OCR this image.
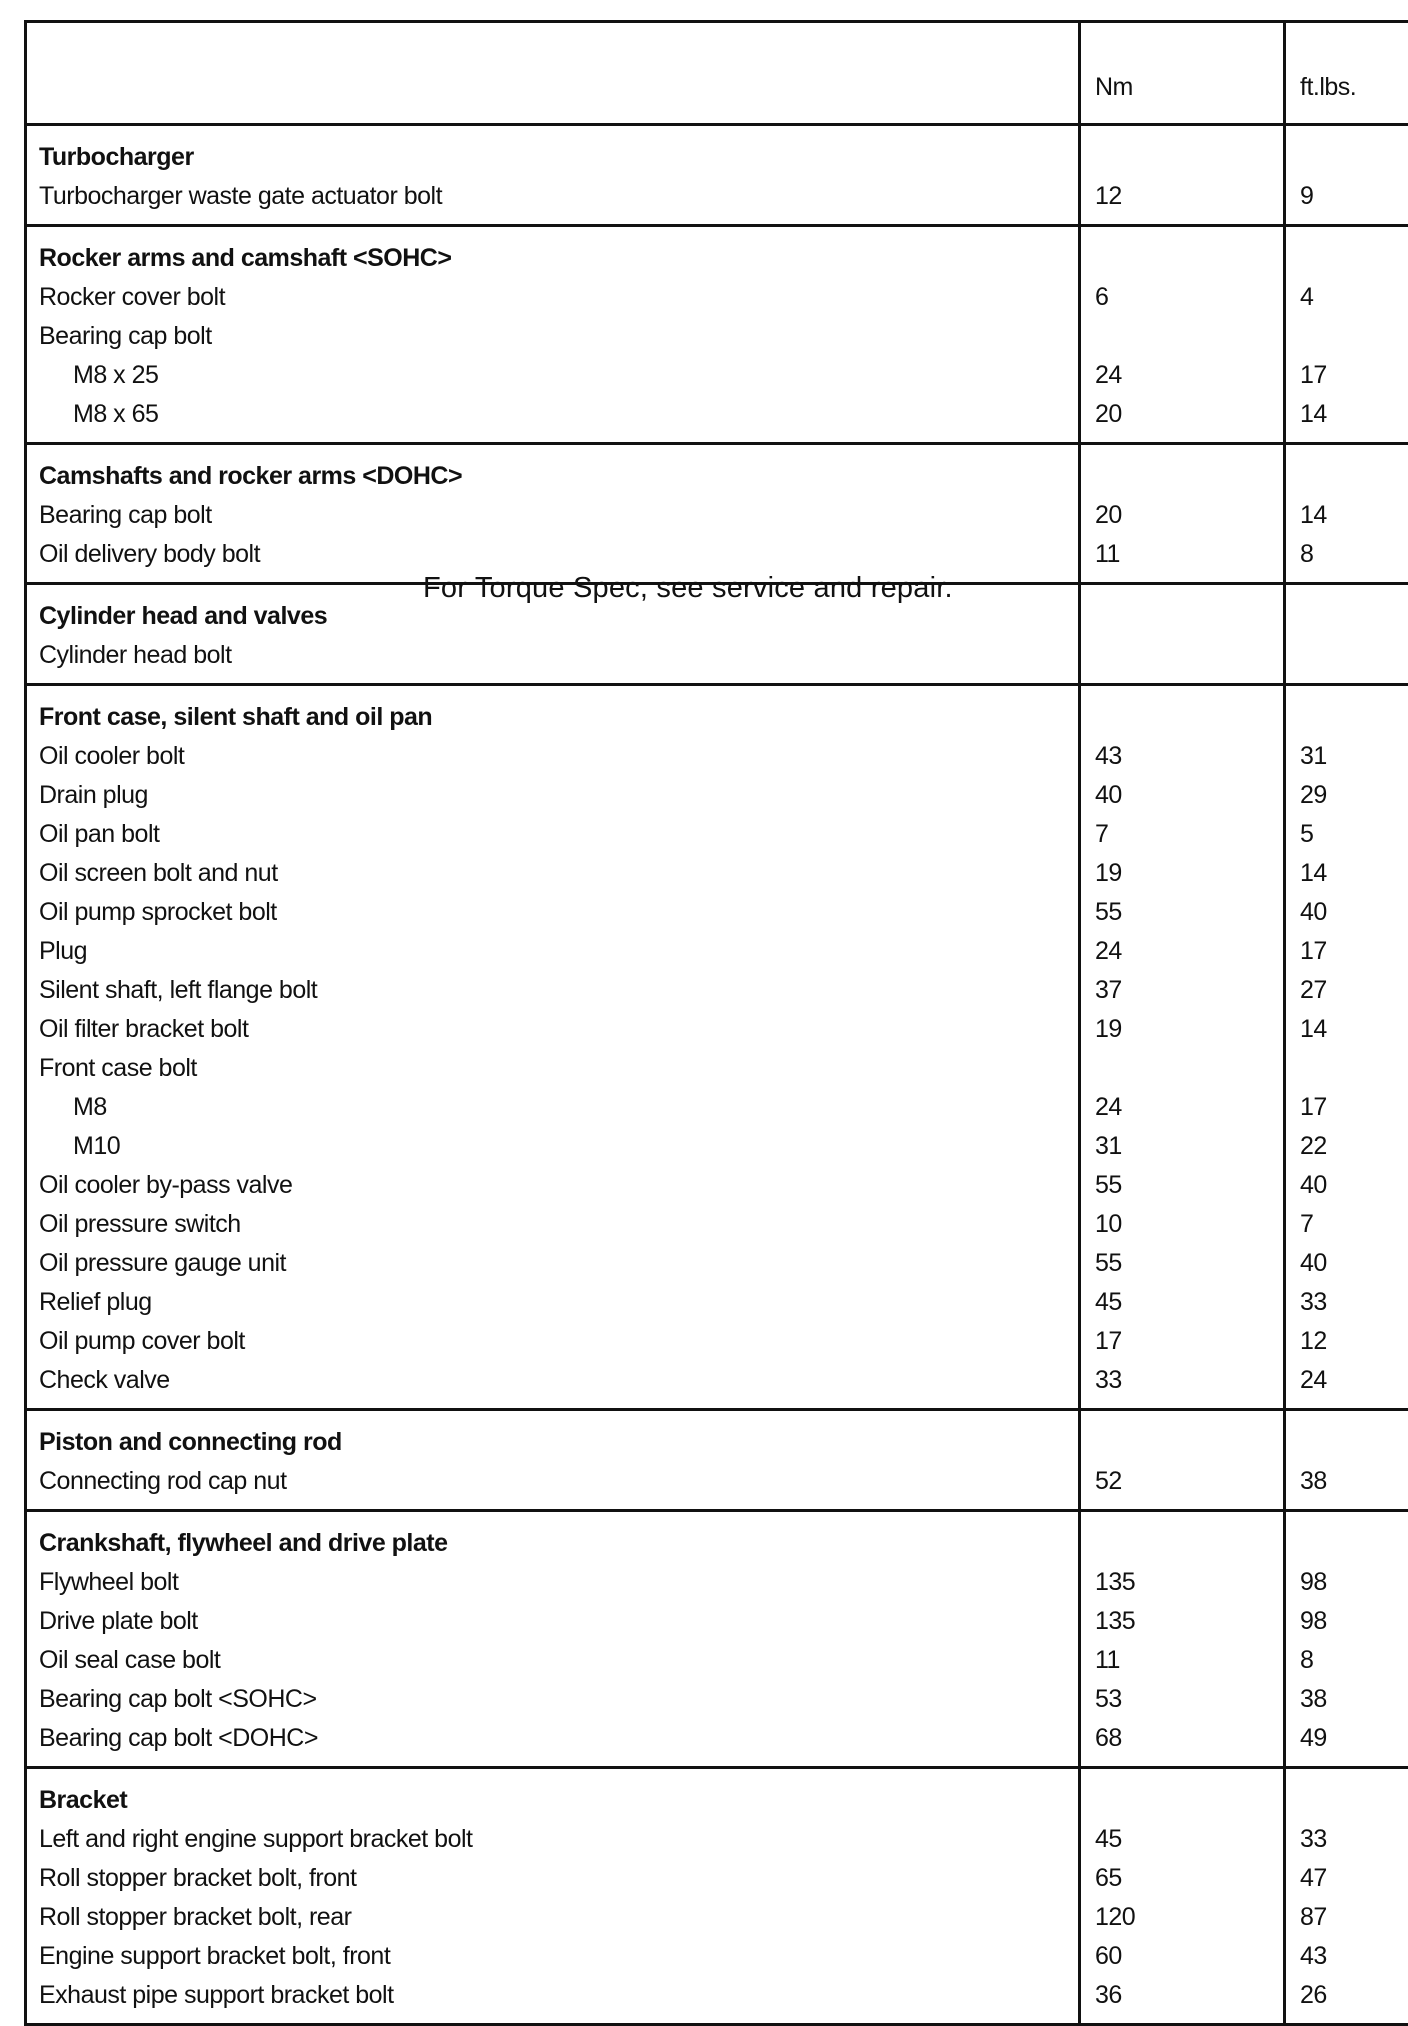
	Nm	ft.lbs.
Turbocharger		
Turbocharger waste gate actuator bolt	12	9
Rocker arms and camshaft <SOHC>		
Rocker cover bolt	6	4
Bearing cap bolt		
M8 x 25	24	17
M8 x 65	20	14
Camshafts and rocker arms <DOHC>		
Bearing cap bolt	20	14
Oil delivery body bolt	11	8
Cylinder head and valves		
Cylinder head bolt		
Front case, silent shaft and oil pan		
Oil cooler bolt	43	31
Drain plug	40	29
Oil pan bolt	7	5
Oil screen bolt and nut	19	14
Oil pump sprocket bolt	55	40
Plug	24	17
Silent shaft, left flange bolt	37	27
Oil filter bracket bolt	19	14
Front case bolt		
M8	24	17
M10	31	22
Oil cooler by-pass valve	55	40
Oil pressure switch	10	7
Oil pressure gauge unit	55	40
Relief plug	45	33
Oil pump cover bolt	17	12
Check valve	33	24
Piston and connecting rod		
Connecting rod cap nut	52	38
Crankshaft, flywheel and drive plate		
Flywheel bolt	135	98
Drive plate bolt	135	98
Oil seal case bolt	11	8
Bearing cap bolt <SOHC>	53	38
Bearing cap bolt <DOHC>	68	49
Bracket		
Left and right engine support bracket bolt	45	33
Roll stopper bracket bolt, front	65	47
Roll stopper bracket bolt, rear	120	87
Engine support bracket bolt, front	60	43
Exhaust pipe support bracket bolt	36	26
For Torque Spec, see service and repair.
